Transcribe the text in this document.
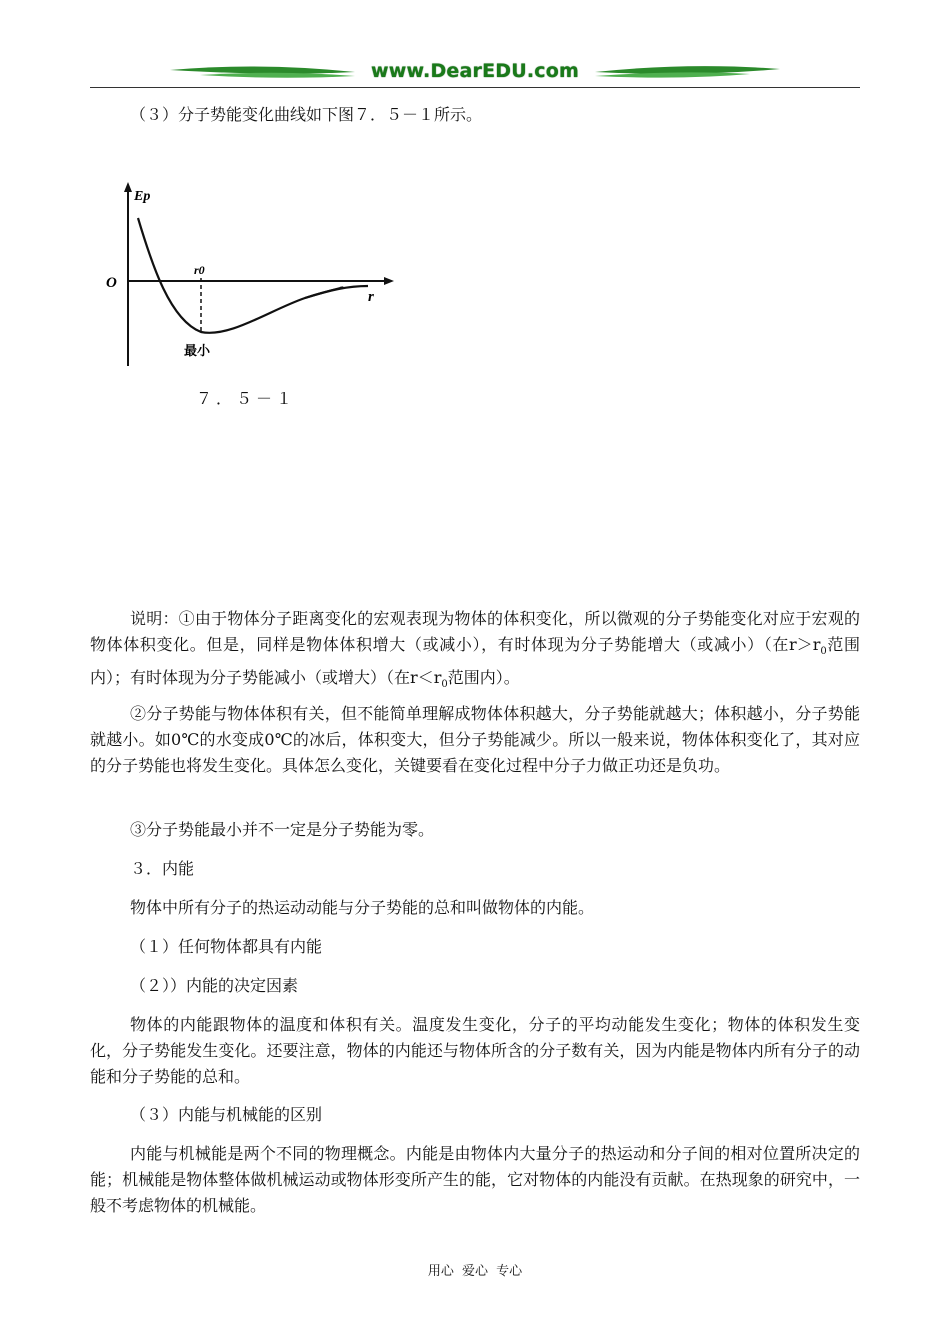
www.DearEDU.com

（３）分子势能变化曲线如下图７．５－１所示。

Ep
O
r
r0
最小
７．５－１

说明：①由于物体分子距离变化的宏观表现为物体的体积变化，所以微观的分子势能变化对应于宏观的物体体积变化。但是，同样是物体体积增大（或减小），有时体现为分子势能增大（或减小）（在$r>r_0$范围内）；有时体现为分子势能减小（或增大）（在$r<r_0$范围内）。

②分子势能与物体体积有关，但不能简单理解成物体体积越大，分子势能就越大；体积越小，分子势能就越小。如0℃的水变成0℃的冰后，体积变大，但分子势能减少。所以一般来说，物体体积变化了，其对应的分子势能也将发生变化。具体怎么变化，关键要看在变化过程中分子力做正功还是负功。

③分子势能最小并不一定是分子势能为零。

３．内能

物体中所有分子的热运动动能与分子势能的总和叫做物体的内能。

（１）任何物体都具有内能

（２））内能的决定因素

物体的内能跟物体的温度和体积有关。温度发生变化，分子的平均动能发生变化；物体的体积发生变化，分子势能发生变化。还要注意，物体的内能还与物体所含的分子数有关，因为内能是物体内所有分子的动能和分子势能的总和。

（３）内能与机械能的区别

内能与机械能是两个不同的物理概念。内能是由物体内大量分子的热运动和分子间的相对位置所决定的能；机械能是物体整体做机械运动或物体形变所产生的能，它对物体的内能没有贡献。在热现象的研究中，一般不考虑物体的机械能。

用心 爱心 专心
